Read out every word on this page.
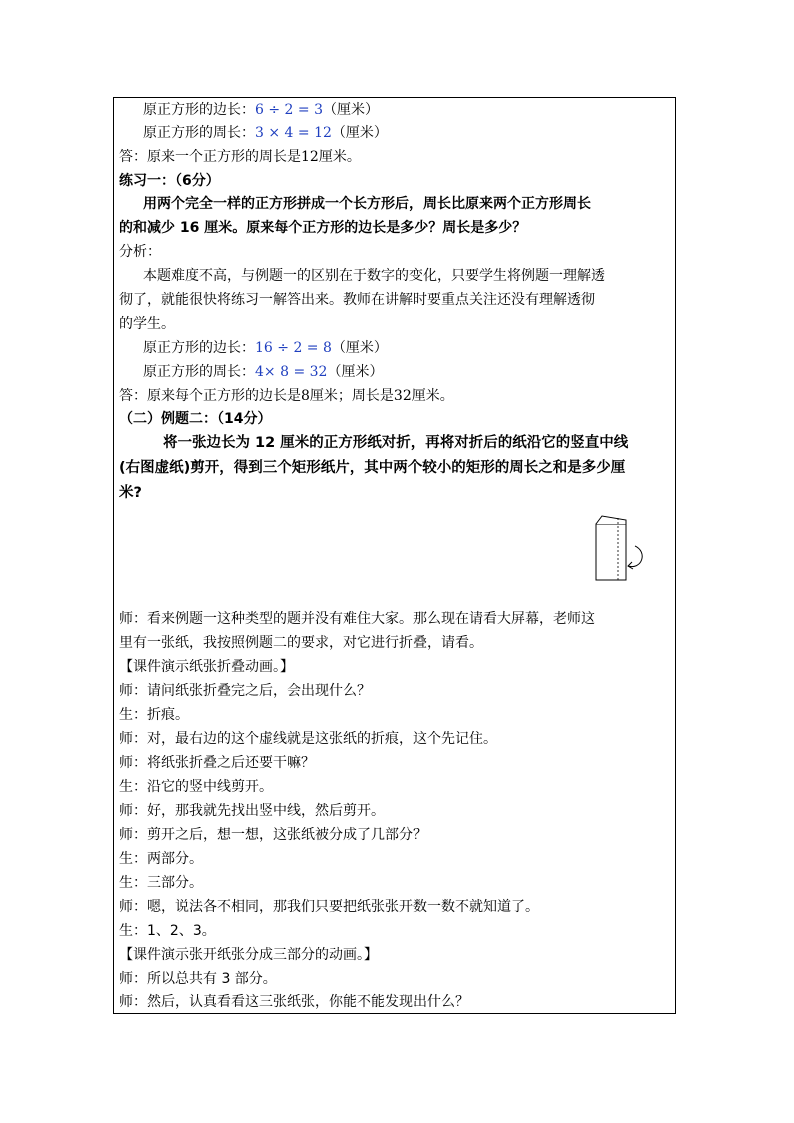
原正方形的边长：6 ÷ 2 = 3（厘米）
原正方形的周长：3 × 4 = 12（厘米）
答：原来一个正方形的周长是12厘米。
练习一：（6分）
用两个完全一样的正方形拼成一个长方形后，周长比原来两个正方形周长
的和减少 16 厘米。原来每个正方形的边长是多少？周长是多少？
分析：
本题难度不高，与例题一的区别在于数字的变化，只要学生将例题一理解透
彻了，就能很快将练习一解答出来。教师在讲解时要重点关注还没有理解透彻
的学生。
原正方形的边长：16 ÷ 2 = 8（厘米）
原正方形的周长：4× 8 = 32（厘米）
答：原来每个正方形的边长是8厘米；周长是32厘米。
（二）例题二：（14分）
将一张边长为 12 厘米的正方形纸对折，再将对折后的纸沿它的竖直中线
(右图虚纸)剪开，得到三个矩形纸片，其中两个较小的矩形的周长之和是多少厘
米?
师：看来例题一这种类型的题并没有难住大家。那么现在请看大屏幕，老师这
里有一张纸，我按照例题二的要求，对它进行折叠，请看。
【课件演示纸张折叠动画。】
师：请问纸张折叠完之后，会出现什么？
生：折痕。
师：对，最右边的这个虚线就是这张纸的折痕，这个先记住。
师：将纸张折叠之后还要干嘛？
生：沿它的竖中线剪开。
师：好，那我就先找出竖中线，然后剪开。
师：剪开之后，想一想，这张纸被分成了几部分？
生：两部分。
生：三部分。
师：嗯，说法各不相同，那我们只要把纸张张开数一数不就知道了。
生：1、2、3。
【课件演示张开纸张分成三部分的动画。】
师：所以总共有 3 部分。
师：然后，认真看看这三张纸张，你能不能发现出什么？
